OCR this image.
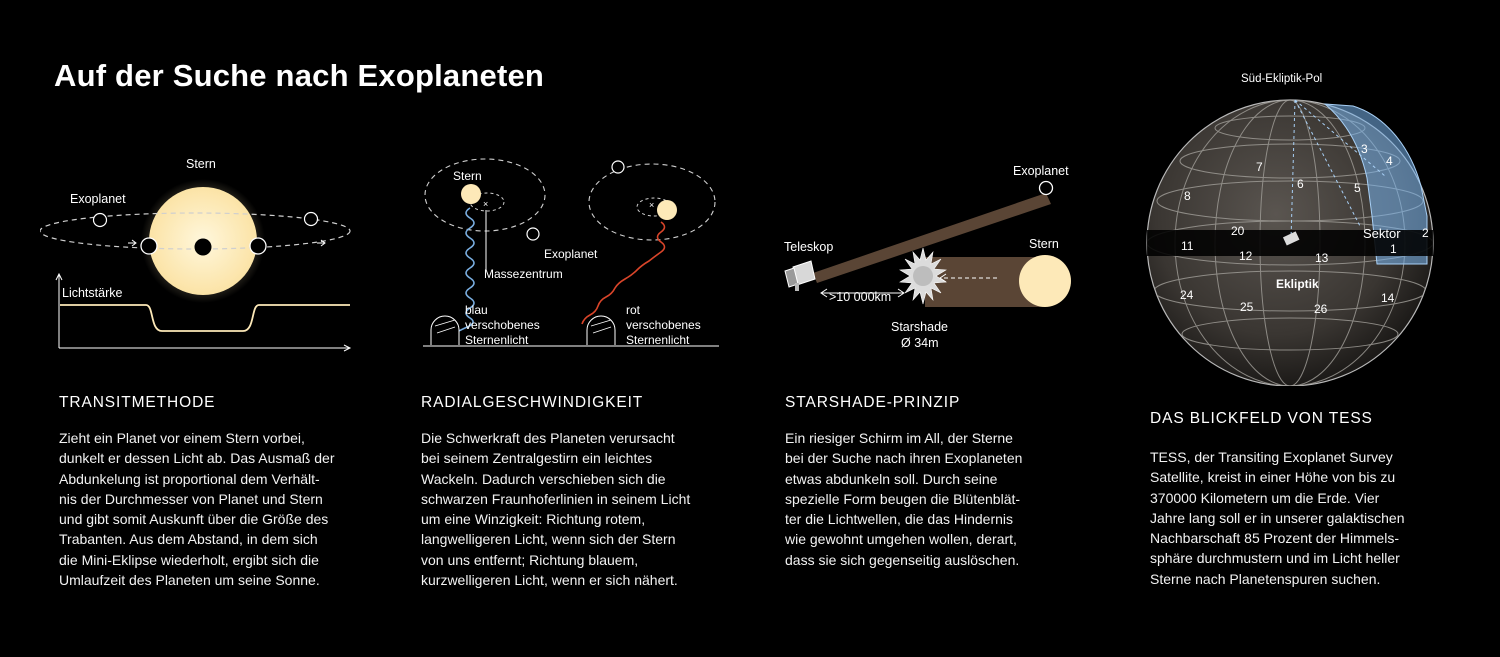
Auf der Suche nach Exoplaneten
Stern
Exoplanet
Lichtstärke
×
Stern
Exoplanet
Massezentrum
blau
verschobenes
Sternenlicht
×
rot
verschobenes
Sternenlicht
Exoplanet
Stern
Teleskop
>10 000km
Starshade
Ø 34m
Süd-Ekliptik-Pol
Ekliptik
Sektor
1
2
3
4
5
6
7
8
11
12	13
14
20
24
25	26
TRANSITMETHODE
Zieht ein Planet vor einem Stern vorbei,
dunkelt er dessen Licht ab. Das Ausmaß der
Abdunkelung ist proportional dem Verhält-
nis der Durchmesser von Planet und Stern
und gibt somit Auskunft über die Größe des
Trabanten. Aus dem Abstand, in dem sich
die Mini-Eklipse wiederholt, ergibt sich die
Umlaufzeit des Planeten um seine Sonne.
RADIALGESCHWINDIGKEIT
Die Schwerkraft des Planeten verursacht
bei seinem Zentralgestirn ein leichtes
Wackeln. Dadurch verschieben sich die
schwarzen Fraunhoferlinien in seinem Licht
um eine Winzigkeit: Richtung rotem,
langwelligeren Licht, wenn sich der Stern
von uns entfernt; Richtung blauem,
kurzwelligeren Licht, wenn er sich nähert.
STARSHADE-PRINZIP
Ein riesiger Schirm im All, der Sterne
bei der Suche nach ihren Exoplaneten
etwas abdunkeln soll. Durch seine
spezielle Form beugen die Blütenblät-
ter die Lichtwellen, die das Hindernis
wie gewohnt umgehen wollen, derart,
dass sie sich gegenseitig auslöschen.
DAS BLICKFELD VON TESS
TESS, der Transiting Exoplanet Survey
Satellite, kreist in einer Höhe von bis zu
370000 Kilometern um die Erde. Vier
Jahre lang soll er in unserer galaktischen
Nachbarschaft 85 Prozent der Himmels-
sphäre durchmustern und im Licht heller
Sterne nach Planetenspuren suchen.
